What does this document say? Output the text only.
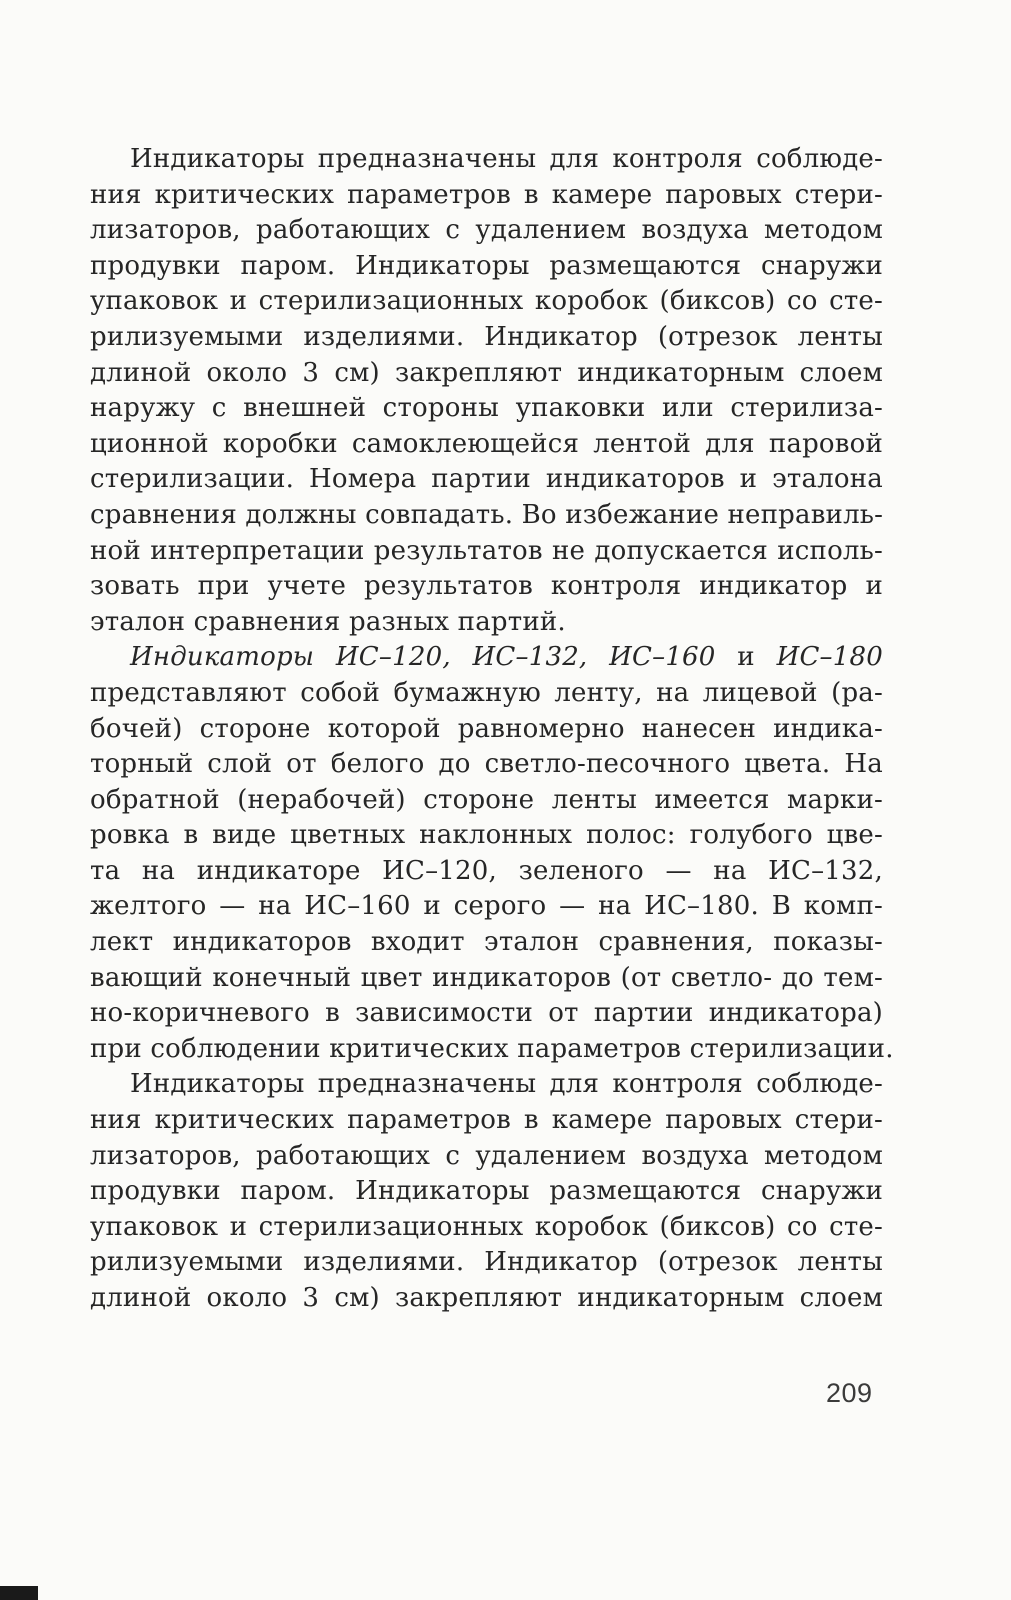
Индикаторы предназначены для контроля соблюде-
ния критических параметров в камере паровых стери-
лизаторов, работающих с удалением воздуха методом
продувки паром. Индикаторы размещаются снаружи
упаковок и стерилизационных коробок (биксов) со сте-
рилизуемыми изделиями. Индикатор (отрезок ленты
длиной около 3 см) закрепляют индикаторным слоем
наружу с внешней стороны упаковки или стерилиза-
ционной коробки самоклеющейся лентой для паровой
стерилизации. Номера партии индикаторов и эталона
сравнения должны совпадать. Во избежание неправиль-
ной интерпретации результатов не допускается исполь-
зовать при учете результатов контроля индикатор и
эталон сравнения разных партий.
Индикаторы ИС–120, ИС–132, ИС–160 и ИС–180
представляют собой бумажную ленту, на лицевой (ра-
бочей) стороне которой равномерно нанесен индика-
торный слой от белого до светло-песочного цвета. На
обратной (нерабочей) стороне ленты имеется марки-
ровка в виде цветных наклонных полос: голубого цве-
та на индикаторе ИС–120, зеленого — на ИС–132,
желтого — на ИС–160 и серого — на ИС–180. В комп-
лект индикаторов входит эталон сравнения, показы-
вающий конечный цвет индикаторов (от светло- до тем-
но-коричневого в зависимости от партии индикатора)
при соблюдении критических параметров стерилизации.
Индикаторы предназначены для контроля соблюде-
ния критических параметров в камере паровых стери-
лизаторов, работающих с удалением воздуха методом
продувки паром. Индикаторы размещаются снаружи
упаковок и стерилизационных коробок (биксов) со сте-
рилизуемыми изделиями. Индикатор (отрезок ленты
длиной около 3 см) закрепляют индикаторным слоем
209
